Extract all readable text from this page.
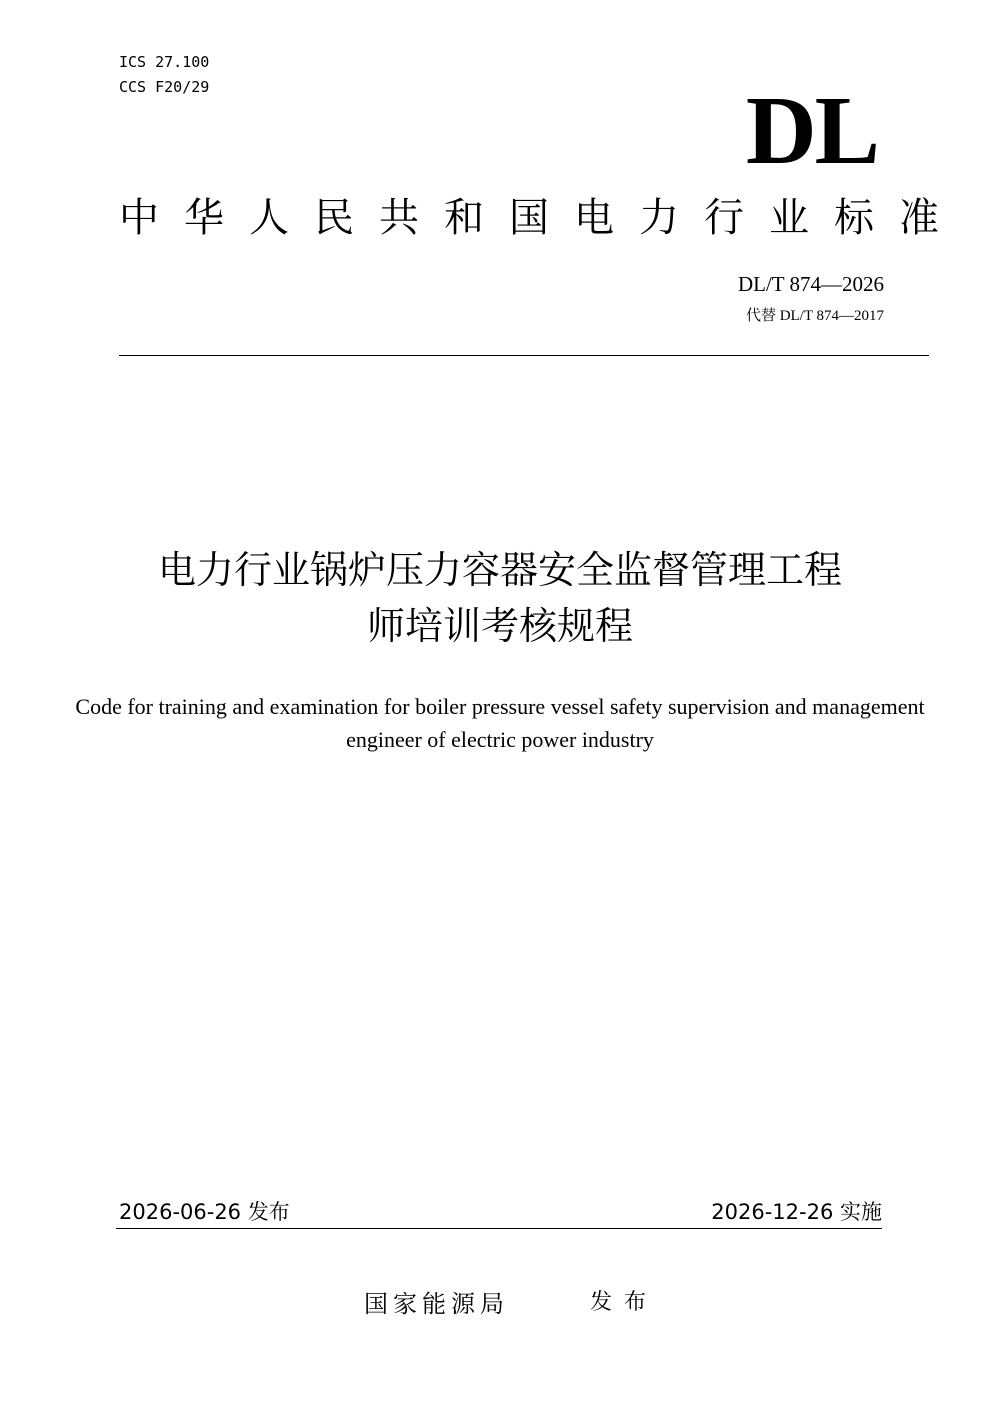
ICS 27.100
CCS F20/29	DL
中华人民共和国电力行业标准
DL/T 874—2026
代替 DL/T 874—2017
电力行业锅炉压力容器安全监督管理工程
师培训考核规程
Code for training and examination for boiler pressure vessel safety supervision and management engineer of electric power industry
2026-06-26 发布	2026-12-26 实施
国家能源局	发布
